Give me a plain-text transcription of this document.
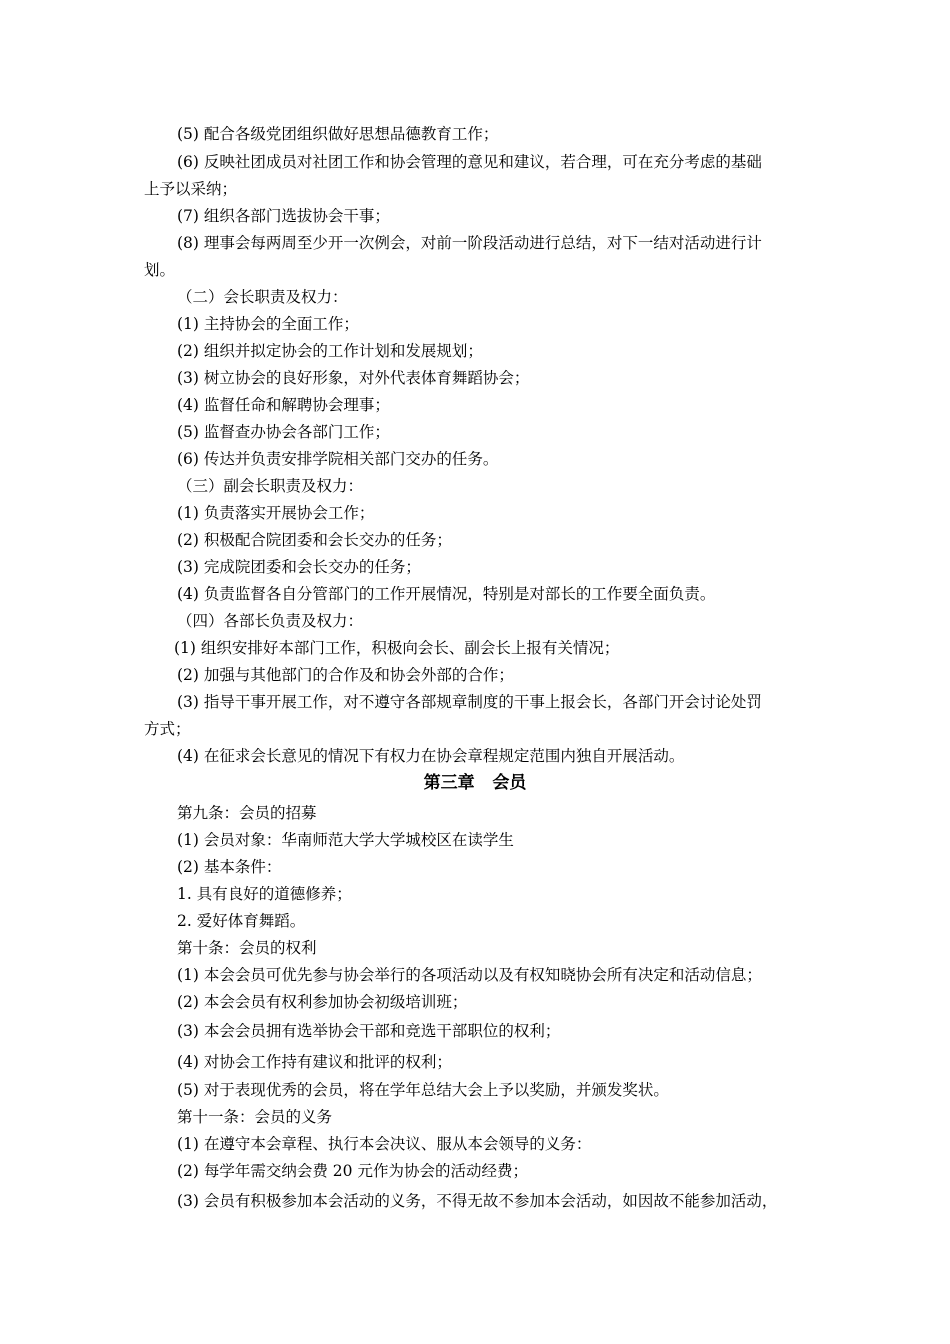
(5) 配合各级党团组织做好思想品德教育工作；
(6) 反映社团成员对社团工作和协会管理的意见和建议，若合理，可在充分考虑的基础
上予以采纳；
(7) 组织各部门选拔协会干事；
(8) 理事会每两周至少开一次例会，对前一阶段活动进行总结，对下一结对活动进行计
划。
（二）会长职责及权力：
(1) 主持协会的全面工作；
(2) 组织并拟定协会的工作计划和发展规划；
(3) 树立协会的良好形象，对外代表体育舞蹈协会；
(4) 监督任命和解聘协会理事；
(5) 监督查办协会各部门工作；
(6) 传达并负责安排学院相关部门交办的任务。
（三）副会长职责及权力：
(1) 负责落实开展协会工作；
(2) 积极配合院团委和会长交办的任务；
(3) 完成院团委和会长交办的任务；
(4) 负责监督各自分管部门的工作开展情况，特别是对部长的工作要全面负责。
（四）各部长负责及权力：
(1) 组织安排好本部门工作，积极向会长、副会长上报有关情况；
(2) 加强与其他部门的合作及和协会外部的合作；
(3) 指导干事开展工作，对不遵守各部规章制度的干事上报会长，各部门开会讨论处罚
方式；
(4) 在征求会长意见的情况下有权力在协会章程规定范围内独自开展活动。
第三章   会员
第九条：会员的招募
(1) 会员对象：华南师范大学大学城校区在读学生
(2) 基本条件：
1. 具有良好的道德修养；
2. 爱好体育舞蹈。
第十条：会员的权利
(1) 本会会员可优先参与协会举行的各项活动以及有权知晓协会所有决定和活动信息；
(2) 本会会员有权利参加协会初级培训班；
(3) 本会会员拥有选举协会干部和竞选干部职位的权利；
(4) 对协会工作持有建议和批评的权利；
(5) 对于表现优秀的会员，将在学年总结大会上予以奖励，并颁发奖状。
第十一条：会员的义务
(1) 在遵守本会章程、执行本会决议、服从本会领导的义务：
(2) 每学年需交纳会费 20 元作为协会的活动经费；
(3) 会员有积极参加本会活动的义务，不得无故不参加本会活动，如因故不能参加活动，
